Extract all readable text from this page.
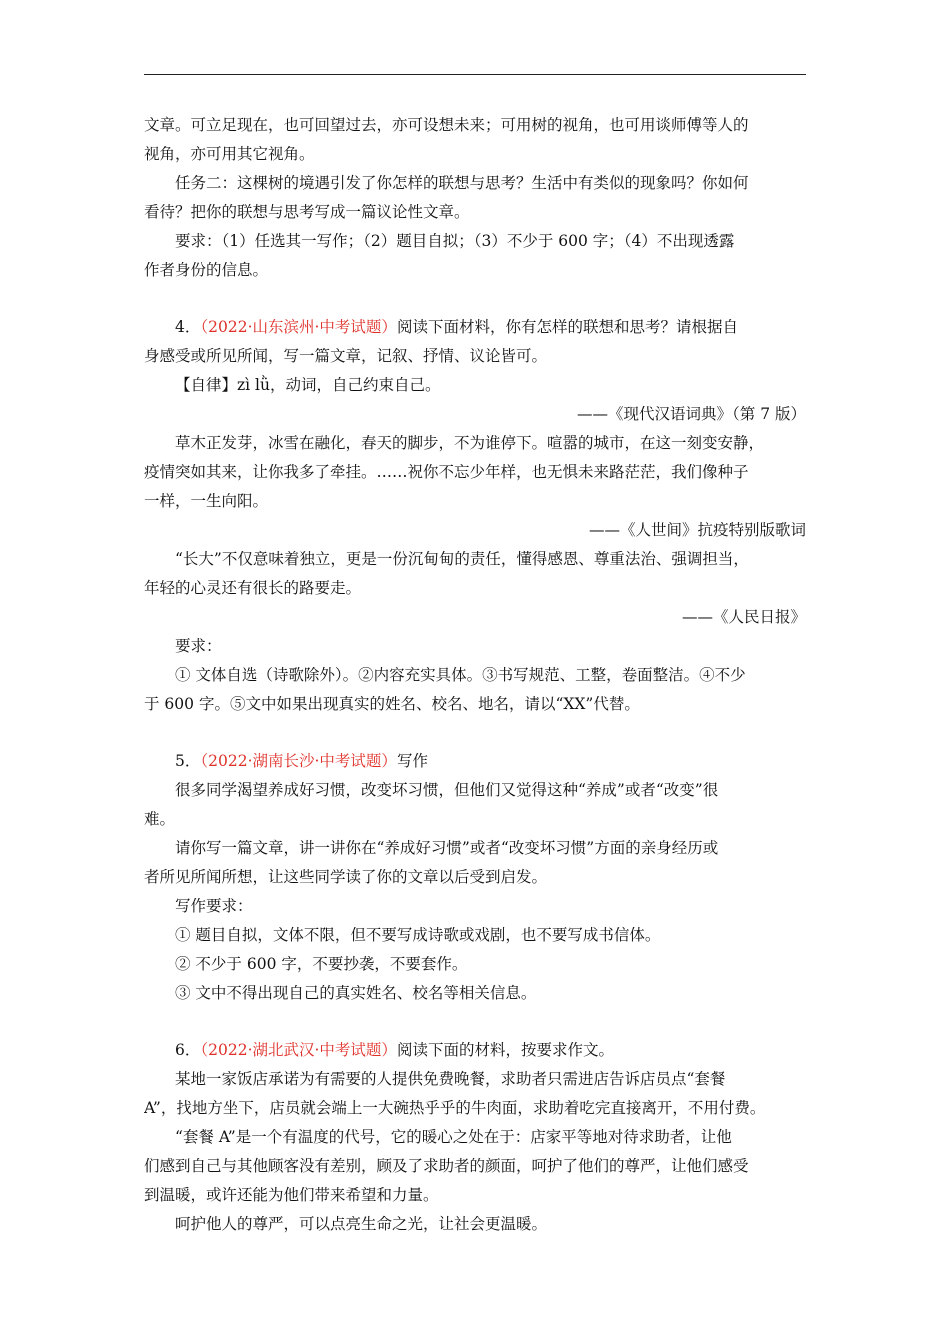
文章。可立足现在，也可回望过去，亦可设想未来；可用树的视角，也可用谈师傅等人的
视角，亦可用其它视角。
任务二：这棵树的境遇引发了你怎样的联想与思考？生活中有类似的现象吗？你如何
看待？把你的联想与思考写成一篇议论性文章。
要求：（1）任选其一写作；（2）题目自拟；（3）不少于 600 字；（4）不出现透露
作者身份的信息。
4．（2022·山东滨州·中考试题）阅读下面材料，你有怎样的联想和思考？请根据自
身感受或所见所闻，写一篇文章，记叙、抒情、议论皆可。
【自律】zì lǜ，动词，自己约束自己。
——《现代汉语词典》（第 7 版）
草木正发芽，冰雪在融化，春天的脚步，不为谁停下。喧嚣的城市，在这一刻变安静，
疫情突如其来，让你我多了牵挂。……祝你不忘少年样，也无惧未来路茫茫，我们像种子
一样，一生向阳。
——《人世间》抗疫特别版歌词
“长大”不仅意味着独立，更是一份沉甸甸的责任，懂得感恩、尊重法治、强调担当，
年轻的心灵还有很长的路要走。
——《人民日报》
要求：
① 文体自选（诗歌除外）。②内容充实具体。③书写规范、工整，卷面整洁。④不少
于 600 字。⑤文中如果出现真实的姓名、校名、地名，请以“XX”代替。
5．（2022·湖南长沙·中考试题）写作
很多同学渴望养成好习惯，改变坏习惯，但他们又觉得这种“养成”或者“改变”很
难。
请你写一篇文章，讲一讲你在“养成好习惯”或者“改变坏习惯”方面的亲身经历或
者所见所闻所想，让这些同学读了你的文章以后受到启发。
写作要求：
① 题目自拟，文体不限，但不要写成诗歌或戏剧，也不要写成书信体。
② 不少于 600 字，不要抄袭，不要套作。
③ 文中不得出现自己的真实姓名、校名等相关信息。
6．（2022·湖北武汉·中考试题）阅读下面的材料，按要求作文。
某地一家饭店承诺为有需要的人提供免费晚餐，求助者只需进店告诉店员点“套餐
A”，找地方坐下，店员就会端上一大碗热乎乎的牛肉面，求助着吃完直接离开，不用付费。
“套餐 A”是一个有温度的代号，它的暖心之处在于：店家平等地对待求助者，让他
们感到自己与其他顾客没有差别，顾及了求助者的颜面，呵护了他们的尊严，让他们感受
到温暖，或许还能为他们带来希望和力量。
呵护他人的尊严，可以点亮生命之光，让社会更温暖。
